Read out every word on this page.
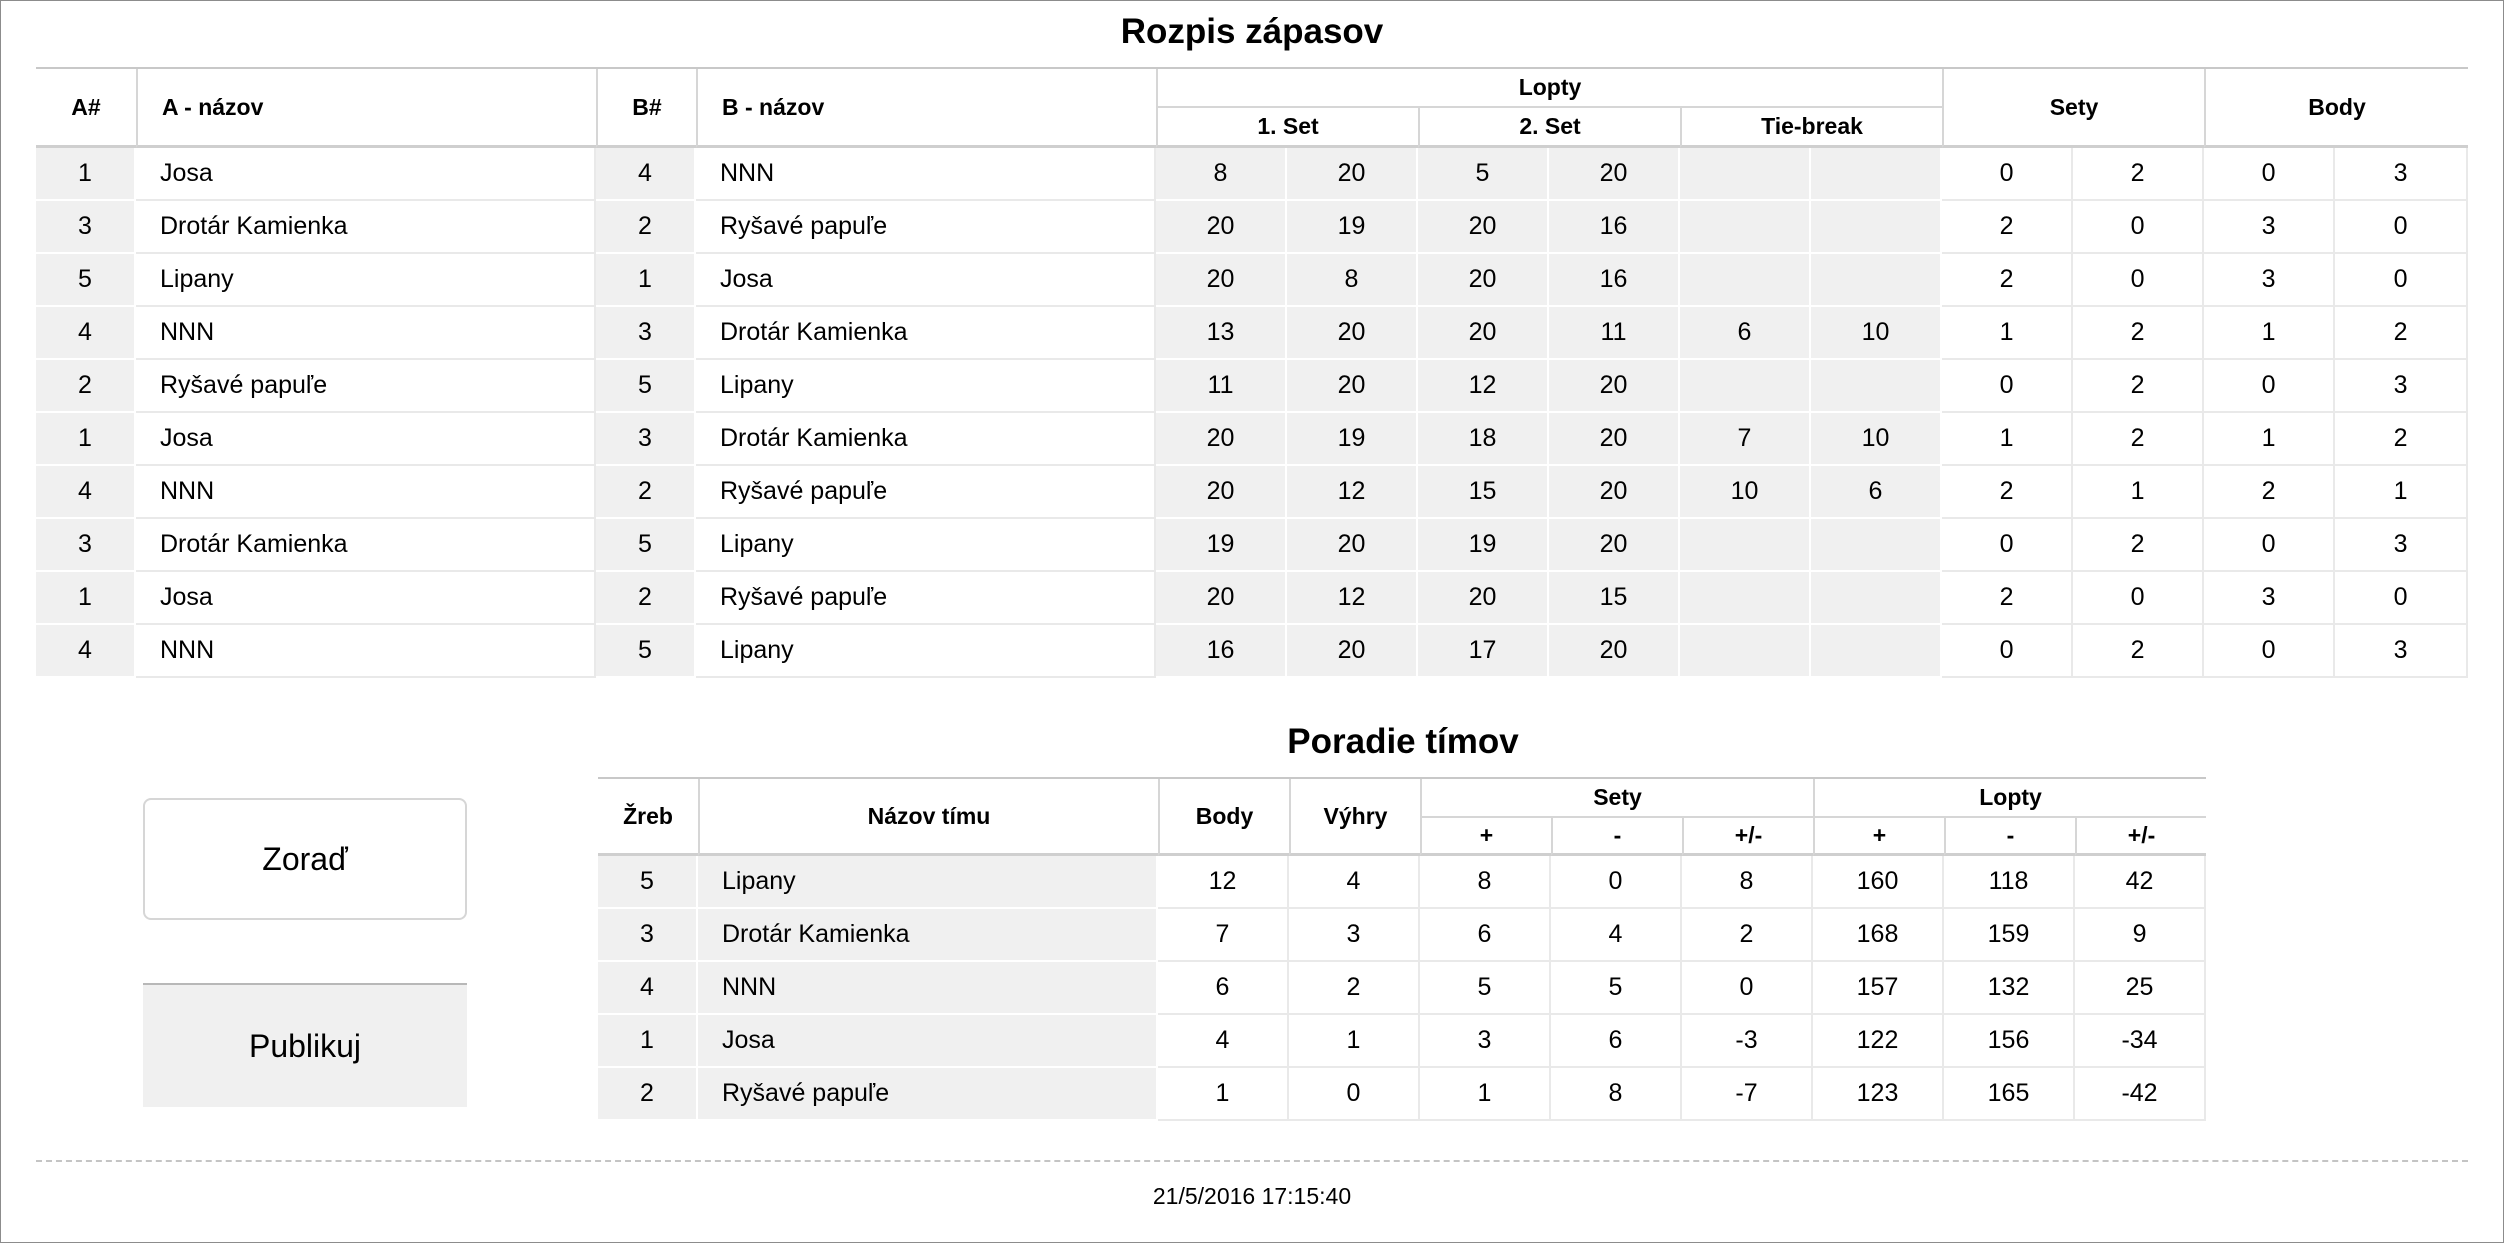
Rozpis zápasov
A#	A - názov	B#	B - názov	Lopty						Sety		Body	
				1. Set		2. Set		Tie-break					
1	Josa	4	NNN	8	20	5	20			0	2	0	3
3	Drotár Kamienka	2	Ryšavé papuľe	20	19	20	16			2	0	3	0
5	Lipany	1	Josa	20	8	20	16			2	0	3	0
4	NNN	3	Drotár Kamienka	13	20	20	11	6	10	1	2	1	2
2	Ryšavé papuľe	5	Lipany	11	20	12	20			0	2	0	3
1	Josa	3	Drotár Kamienka	20	19	18	20	7	10	1	2	1	2
4	NNN	2	Ryšavé papuľe	20	12	15	20	10	6	2	1	2	1
3	Drotár Kamienka	5	Lipany	19	20	19	20			0	2	0	3
1	Josa	2	Ryšavé papuľe	20	12	20	15			2	0	3	0
4	NNN	5	Lipany	16	20	17	20			0	2	0	3
Poradie tímov
Žreb	Názov tímu	Body	Výhry	Sety			Lopty		
				+	-	+/-	+	-	+/-
5	Lipany	12	4	8	0	8	160	118	42
3	Drotár Kamienka	7	3	6	4	2	168	159	9
4	NNN	6	2	5	5	0	157	132	25
1	Josa	4	1	3	6	-3	122	156	-34
2	Ryšavé papuľe	1	0	1	8	-7	123	165	-42
Zoraď
Publikuj
21/5/2016 17:15:40
